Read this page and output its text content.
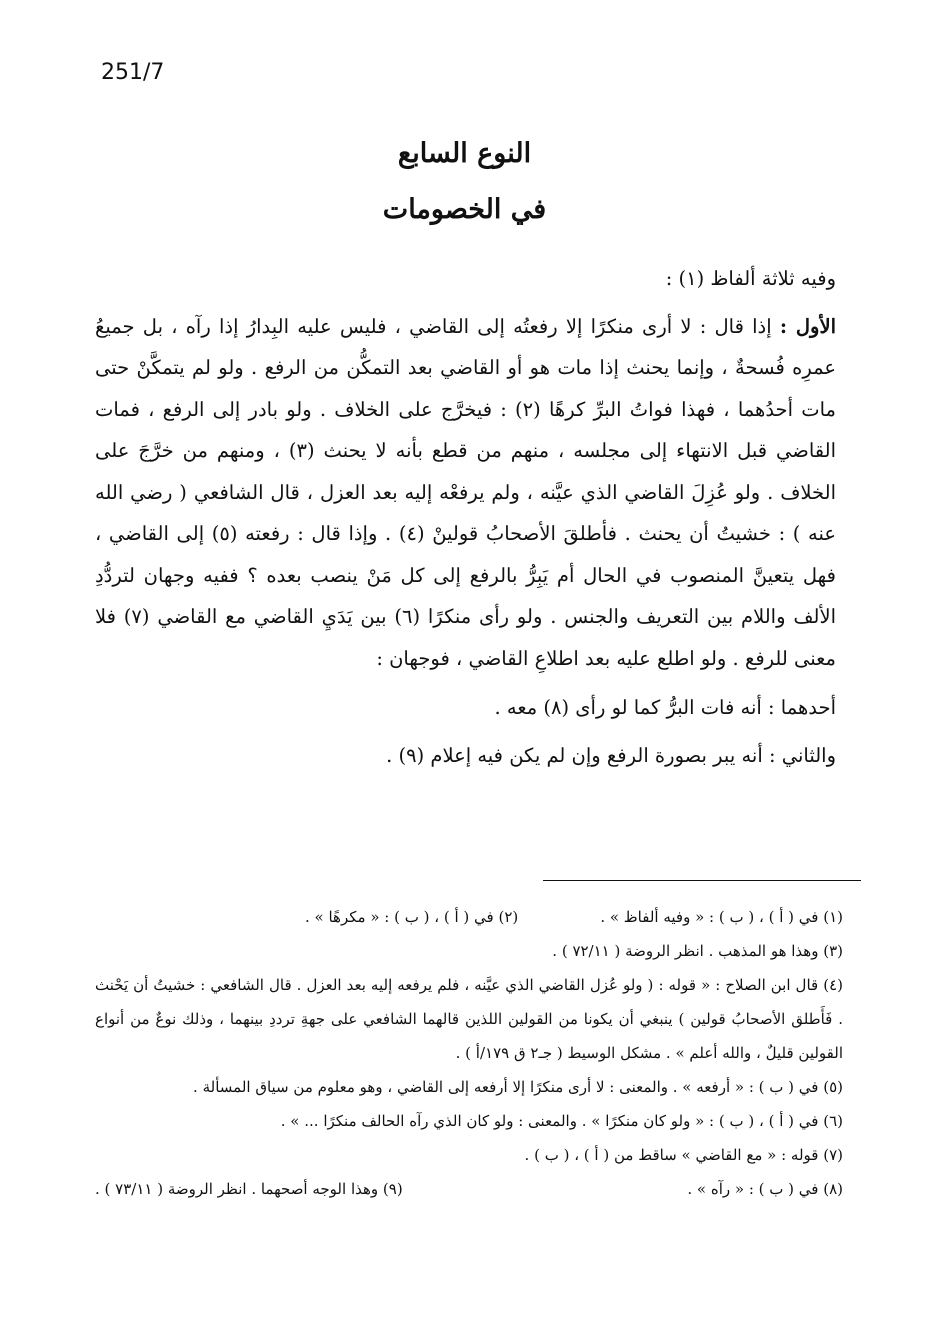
251/7
النوع السابع
في الخصومات

وفيه ثلاثة ألفاظ (١) :

الأول : إذا قال : لا أرى منكرًا إلا رفعتُه إلى القاضي ، فليس عليه البِدارُ إذا رآه ، بل جميعُ عمرِه فُسحةٌ ، وإنما يحنث إذا مات هو أو القاضي بعد التمكُّن من الرفع . ولو لم يتمكَّنْ حتى مات أحدُهما ، فهذا فواتُ البرِّ كرهًا (٢) : فيخرَّج على الخلاف . ولو بادر إلى الرفع ، فمات القاضي قبل الانتهاء إلى مجلسه ، منهم من قطع بأنه لا يحنث (٣) ، ومنهم من خرَّجَ على الخلاف . ولو عُزِلَ القاضي الذي عيَّنه ، ولم يرفعْه إليه بعد العزل ، قال الشافعي ( رضي الله عنه ) : خشيتُ أن يحنث . فأطلقَ الأصحابُ قولينْ (٤) . وإذا قال : رفعته (٥) إلى القاضي ، فهل يتعينَّ المنصوب في الحال أم يَبِرُّ بالرفع إلى كل مَنْ ينصب بعده ؟ ففيه وجهان لتردُّدِ الألف واللام بين التعريف والجنس . ولو رأى منكرًا (٦) بين يَدَيِ القاضي مع القاضي (٧) فلا معنى للرفع . ولو اطلع عليه بعد اطلاعِ القاضي ، فوجهان :

أحدهما : أنه فات البرُّ كما لو رأى (٨) معه .

والثاني : أنه يبر بصورة الرفع وإن لم يكن فيه إعلام (٩) .

(١) في ( أ ) ، ( ب ) : « وفيه ألفاظ » .
(٢) في ( أ ) ، ( ب ) : « مكرهًا » .
(٣) وهذا هو المذهب . انظر الروضة ( ٧٢/١١ ) .
(٤) قال ابن الصلاح : « قوله : ( ولو عُزل القاضي الذي عيَّنه ، فلم يرفعه إليه بعد العزل . قال الشافعي : خشيتُ أن يَحْنث . فَأَطلق الأصحابُ قولين ) ينبغي أن يكونا من القولين اللذين قالهما الشافعي على جهةِ ترددِ بينهما ، وذلك نوعٌ من أنواع القولين قليلٌ ، والله أعلم » . مشكل الوسيط ( جـ٢ ق ١٧٩/أ ) .
(٥) في ( ب ) : « أرفعه » . والمعنى : لا أرى منكرًا إلا أرفعه إلى القاضي ، وهو معلوم من سياق المسألة .
(٦) في ( أ ) ، ( ب ) : « ولو كان منكرًا » . والمعنى : ولو كان الذي رآه الحالف منكرًا ... » .
(٧) قوله : « مع القاضي » ساقط من ( أ ) ، ( ب ) .
(٨) في ( ب ) : « رآه » .
(٩) وهذا الوجه أصحهما . انظر الروضة ( ٧٣/١١ ) .
